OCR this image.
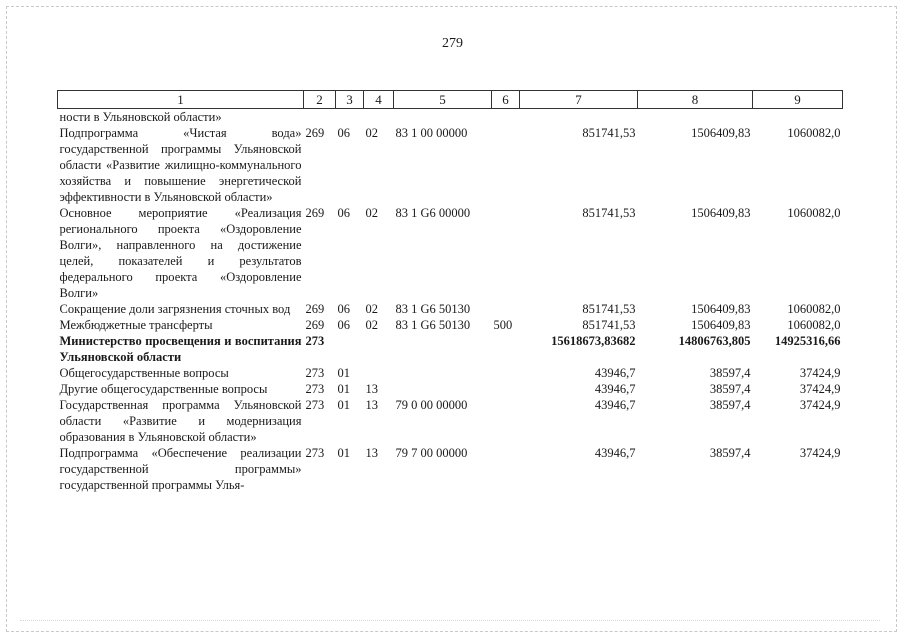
279
1	2	3	4	5	6	7	8	9
ности в Ульяновской области»								
Подпрограмма «Чистая вода» государственной программы Ульяновской области «Развитие жилищно-коммунального хозяйства и повышение энергетической эффективности в Ульяновской области»	269	06	02	83 1 00 00000		851741,53	1506409,83	1060082,0
Основное мероприятие «Реализация регионального проекта «Оздоровление Волги», направленного на достижение целей, показателей и результатов федерального проекта «Оздоровление Волги»	269	06	02	83 1 G6 00000		851741,53	1506409,83	1060082,0
Сокращение доли загрязнения сточных вод	269	06	02	83 1 G6 50130		851741,53	1506409,83	1060082,0
Межбюджетные трансферты	269	06	02	83 1 G6 50130	500	851741,53	1506409,83	1060082,0
Министерство просвещения и воспитания Ульяновской области	273					15618673,83682	14806763,805	14925316,66
Общегосударственные вопросы	273	01				43946,7	38597,4	37424,9
Другие общегосударственные вопросы	273	01	13			43946,7	38597,4	37424,9
Государственная программа Ульяновской области «Развитие и модернизация образования в Ульяновской области»	273	01	13	79 0 00 00000		43946,7	38597,4	37424,9
Подпрограмма «Обеспечение реализации государственной программы» государственной программы Улья-	273	01	13	79 7 00 00000		43946,7	38597,4	37424,9
